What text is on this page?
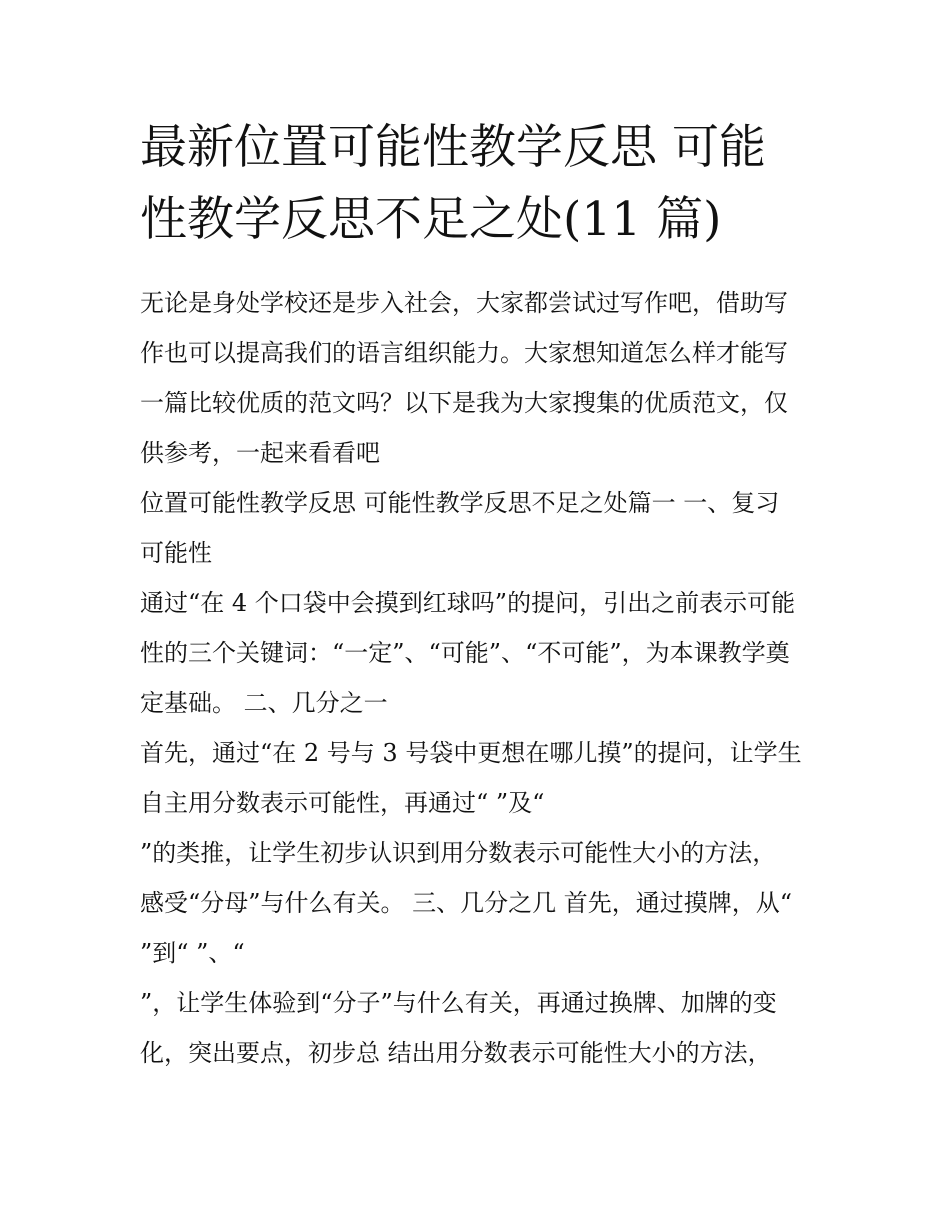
最新位置可能性教学反思 可能
性教学反思不足之处(11 篇)
无论是身处学校还是步入社会，大家都尝试过写作吧，借助写
作也可以提高我们的语言组织能力。大家想知道怎么样才能写
一篇比较优质的范文吗？以下是我为大家搜集的优质范文，仅
供参考，一起来看看吧
位置可能性教学反思 可能性教学反思不足之处篇一 一、复习
可能性
通过“在 4 个口袋中会摸到红球吗”的提问，引出之前表示可能
性的三个关键词：“一定”、“可能”、“不可能”，为本课教学奠
定基础。 二、几分之一
首先，通过“在 2 号与 3 号袋中更想在哪儿摸”的提问，让学生
自主用分数表示可能性，再通过“ ”及“
”的类推，让学生初步认识到用分数表示可能性大小的方法，
感受“分母”与什么有关。 三、几分之几 首先，通过摸牌，从“
”到“ ”、“
”，让学生体验到“分子”与什么有关，再通过换牌、加牌的变
化，突出要点，初步总 结出用分数表示可能性大小的方法，
